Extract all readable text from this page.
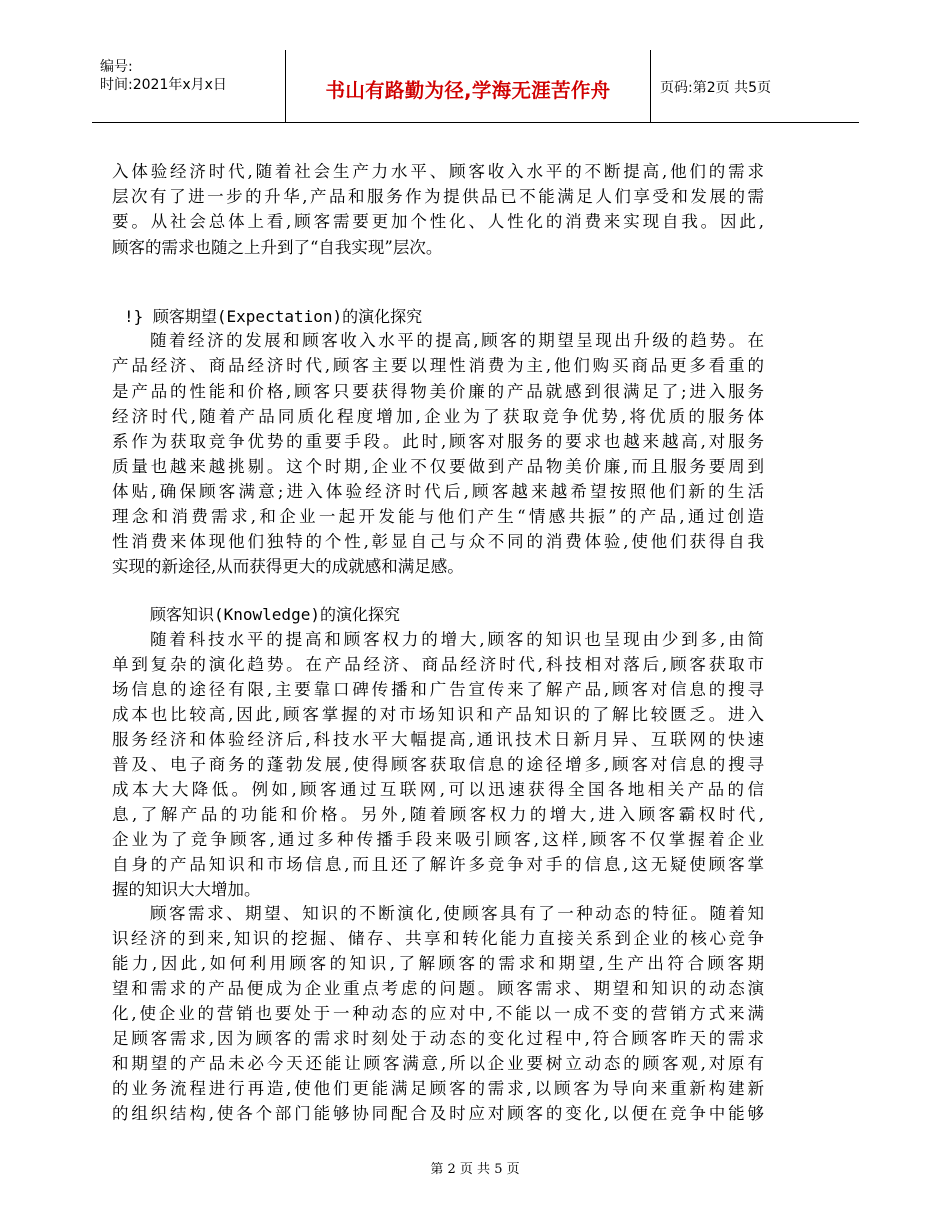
编号:
时间:2021年x月x日	书山有路勤为径,学海无涯苦作舟	页码:第2页 共5页
入体验经济时代,随着社会生产力水平、顾客收入水平的不断提高,他们的需求
层次有了进一步的升华,产品和服务作为提供品已不能满足人们享受和发展的需
要。从社会总体上看,顾客需要更加个性化、人性化的消费来实现自我。因此,
顾客的需求也随之上升到了“自我实现”层次。
!} 顾客期望(Expectation)的演化探究
随着经济的发展和顾客收入水平的提高,顾客的期望呈现出升级的趋势。在
产品经济、商品经济时代,顾客主要以理性消费为主,他们购买商品更多看重的
是产品的性能和价格,顾客只要获得物美价廉的产品就感到很满足了;进入服务
经济时代,随着产品同质化程度增加,企业为了获取竞争优势,将优质的服务体
系作为获取竞争优势的重要手段。此时,顾客对服务的要求也越来越高,对服务
质量也越来越挑剔。这个时期,企业不仅要做到产品物美价廉,而且服务要周到
体贴,确保顾客满意;进入体验经济时代后,顾客越来越希望按照他们新的生活
理念和消费需求,和企业一起开发能与他们产生“情感共振”的产品,通过创造
性消费来体现他们独特的个性,彰显自己与众不同的消费体验,使他们获得自我
实现的新途径,从而获得更大的成就感和满足感。
顾客知识(Knowledge)的演化探究
随着科技水平的提高和顾客权力的增大,顾客的知识也呈现由少到多,由简
单到复杂的演化趋势。在产品经济、商品经济时代,科技相对落后,顾客获取市
场信息的途径有限,主要靠口碑传播和广告宣传来了解产品,顾客对信息的搜寻
成本也比较高,因此,顾客掌握的对市场知识和产品知识的了解比较匮乏。进入
服务经济和体验经济后,科技水平大幅提高,通讯技术日新月异、互联网的快速
普及、电子商务的蓬勃发展,使得顾客获取信息的途径增多,顾客对信息的搜寻
成本大大降低。例如,顾客通过互联网,可以迅速获得全国各地相关产品的信
息,了解产品的功能和价格。另外,随着顾客权力的增大,进入顾客霸权时代,
企业为了竞争顾客,通过多种传播手段来吸引顾客,这样,顾客不仅掌握着企业
自身的产品知识和市场信息,而且还了解许多竞争对手的信息,这无疑使顾客掌
握的知识大大增加。
顾客需求、期望、知识的不断演化,使顾客具有了一种动态的特征。随着知
识经济的到来,知识的挖掘、储存、共享和转化能力直接关系到企业的核心竞争
能力,因此,如何利用顾客的知识,了解顾客的需求和期望,生产出符合顾客期
望和需求的产品便成为企业重点考虑的问题。顾客需求、期望和知识的动态演
化,使企业的营销也要处于一种动态的应对中,不能以一成不变的营销方式来满
足顾客需求,因为顾客的需求时刻处于动态的变化过程中,符合顾客昨天的需求
和期望的产品未必今天还能让顾客满意,所以企业要树立动态的顾客观,对原有
的业务流程进行再造,使他们更能满足顾客的需求,以顾客为导向来重新构建新
的组织结构,使各个部门能够协同配合及时应对顾客的变化,以便在竞争中能够
第 2 页 共 5 页
